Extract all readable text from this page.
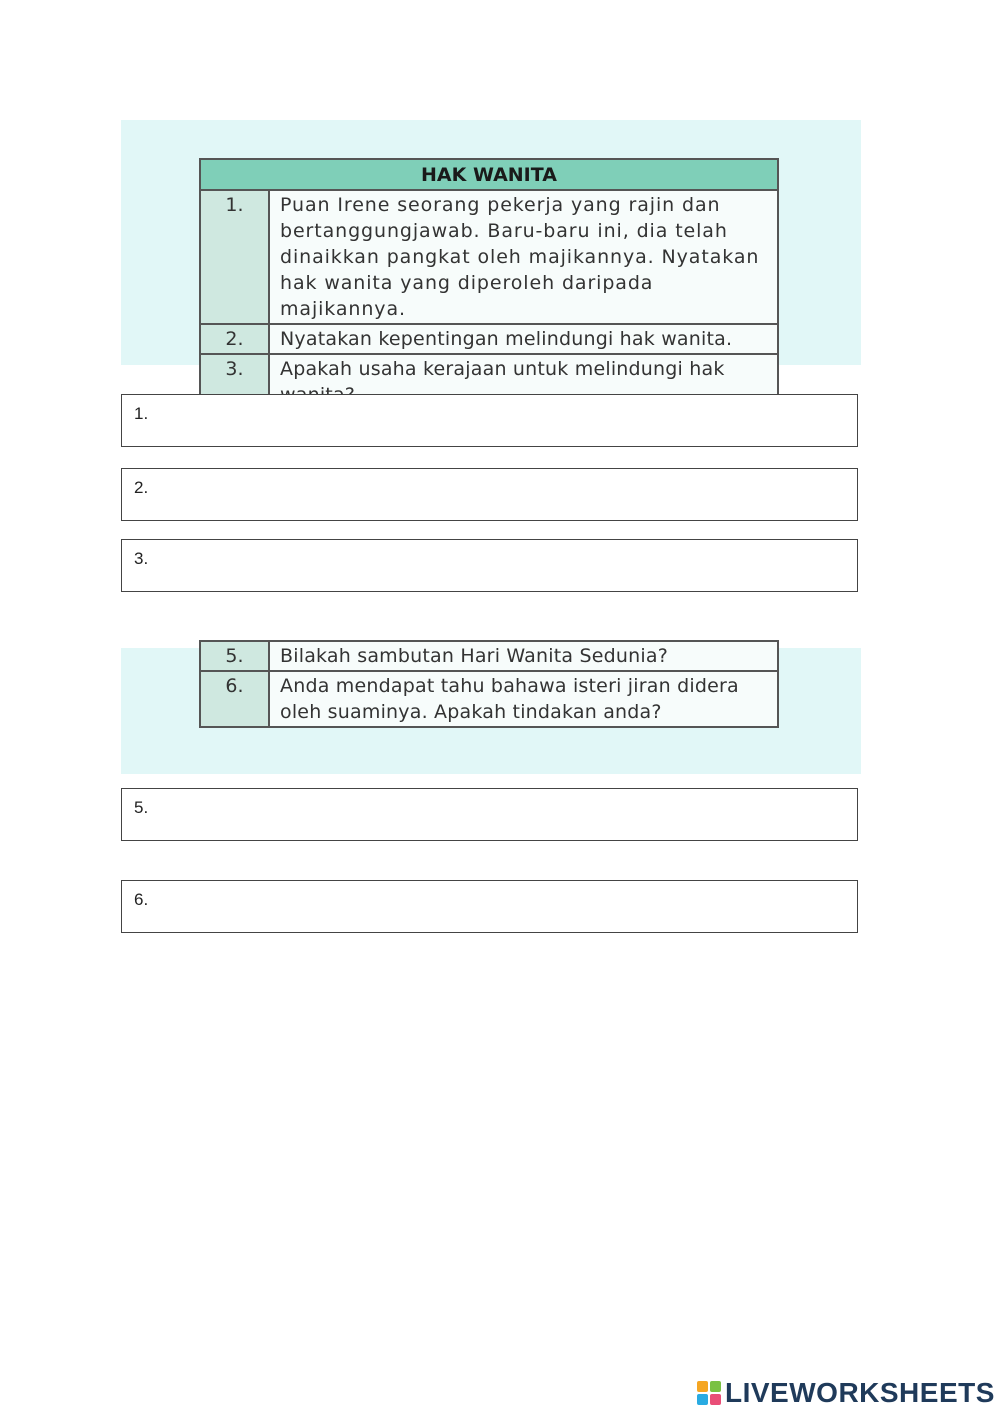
HAK WANITA	
1.	Puan Irene seorang pekerja yang rajin dan bertanggungjawab. Baru-baru ini, dia telah dinaikkan pangkat oleh majikannya. Nyatakan hak wanita yang diperoleh daripada majikannya.
2.	Nyatakan kepentingan melindungi hak wanita.
3.	Apakah usaha kerajaan untuk melindungi hak
1.
2.
3.
5.	Bilakah sambutan Hari Wanita Sedunia?
6.	Anda mendapat tahu bahawa isteri jiran didera oleh suaminya. Apakah tindakan anda?
5.
6.
LIVEWORKSHEETS
